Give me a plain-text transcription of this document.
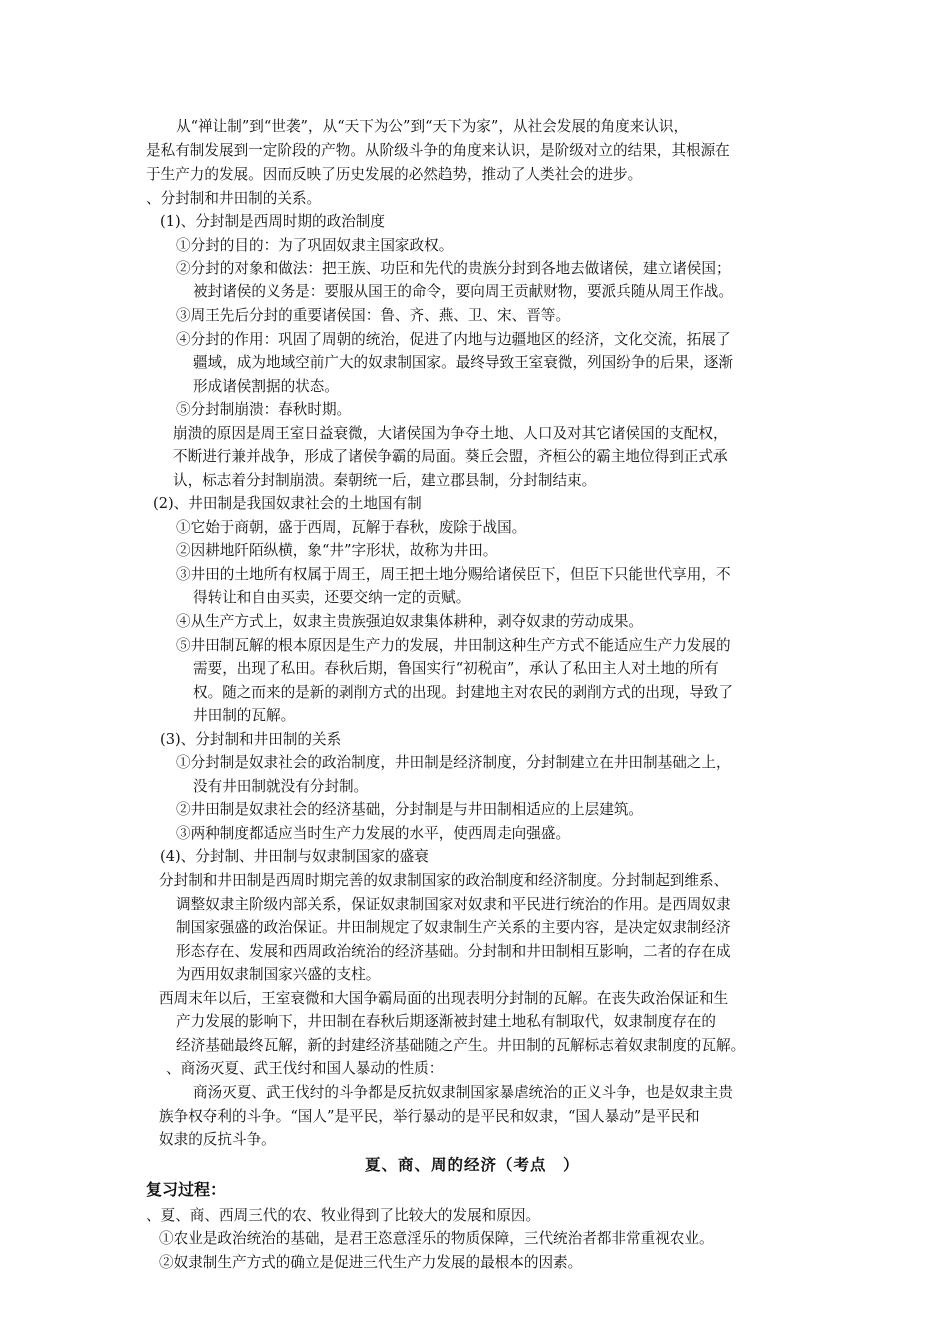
从“禅让制”到“世袭”，从“天下为公”到“天下为家”，从社会发展的角度来认识，

是私有制发展到一定阶段的产物。从阶级斗争的角度来认识，是阶级对立的结果，其根源在

于生产力的发展。因而反映了历史发展的必然趋势，推动了人类社会的进步。

、分封制和井田制的关系。

(1)、分封制是西周时期的政治制度

①分封的目的：为了巩固奴隶主国家政权。

②分封的对象和做法：把王族、功臣和先代的贵族分封到各地去做诸侯，建立诸侯国；

被封诸侯的义务是：要服从国王的命令，要向周王贡献财物，要派兵随从周王作战。

③周王先后分封的重要诸侯国：鲁、齐、燕、卫、宋、晋等。

④分封的作用：巩固了周朝的统治，促进了内地与边疆地区的经济，文化交流，拓展了

疆域，成为地域空前广大的奴隶制国家。最终导致王室衰微，列国纷争的后果，逐渐

形成诸侯割据的状态。

⑤分封制崩溃：春秋时期。

崩溃的原因是周王室日益衰微，大诸侯国为争夺土地、人口及对其它诸侯国的支配权，

不断进行兼并战争，形成了诸侯争霸的局面。葵丘会盟，齐桓公的霸主地位得到正式承

认，标志着分封制崩溃。秦朝统一后，建立郡县制，分封制结束。

(2)、井田制是我国奴隶社会的土地国有制

①它始于商朝，盛于西周，瓦解于春秋，废除于战国。

②因耕地阡陌纵横，象“井”字形状，故称为井田。

③井田的土地所有权属于周王，周王把土地分赐给诸侯臣下，但臣下只能世代享用，不

得转让和自由买卖，还要交纳一定的贡赋。

④从生产方式上，奴隶主贵族强迫奴隶集体耕种，剥夺奴隶的劳动成果。

⑤井田制瓦解的根本原因是生产力的发展，井田制这种生产方式不能适应生产力发展的

需要，出现了私田。春秋后期，鲁国实行“初税亩”，承认了私田主人对土地的所有

权。随之而来的是新的剥削方式的出现。封建地主对农民的剥削方式的出现，导致了

井田制的瓦解。

(3)、分封制和井田制的关系

①分封制是奴隶社会的政治制度，井田制是经济制度，分封制建立在井田制基础之上，

没有井田制就没有分封制。

②井田制是奴隶社会的经济基础，分封制是与井田制相适应的上层建筑。

③两种制度都适应当时生产力发展的水平，使西周走向强盛。

(4)、分封制、井田制与奴隶制国家的盛衰

分封制和井田制是西周时期完善的奴隶制国家的政治制度和经济制度。分封制起到维系、

调整奴隶主阶级内部关系，保证奴隶制国家对奴隶和平民进行统治的作用。是西周奴隶

制国家强盛的政治保证。井田制规定了奴隶制生产关系的主要内容，是决定奴隶制经济

形态存在、发展和西周政治统治的经济基础。分封制和井田制相互影响，二者的存在成

为西用奴隶制国家兴盛的支柱。

西周末年以后，王室衰微和大国争霸局面的出现表明分封制的瓦解。在丧失政治保证和生

产力发展的影响下，井田制在春秋后期逐渐被封建土地私有制取代，奴隶制度存在的

经济基础最终瓦解，新的封建经济基础随之产生。井田制的瓦解标志着奴隶制度的瓦解。

、商汤灭夏、武王伐纣和国人暴动的性质：

商汤灭夏、武王伐纣的斗争都是反抗奴隶制国家暴虐统治的正义斗争，也是奴隶主贵

族争权夺利的斗争。“国人”是平民，举行暴动的是平民和奴隶，“国人暴动”是平民和

奴隶的反抗斗争。

夏、商、周的经济（考点　）

复习过程：

、夏、商、西周三代的农、牧业得到了比较大的发展和原因。

①农业是政治统治的基础，是君王恣意淫乐的物质保障，三代统治者都非常重视农业。

②奴隶制生产方式的确立是促进三代生产力发展的最根本的因素。
